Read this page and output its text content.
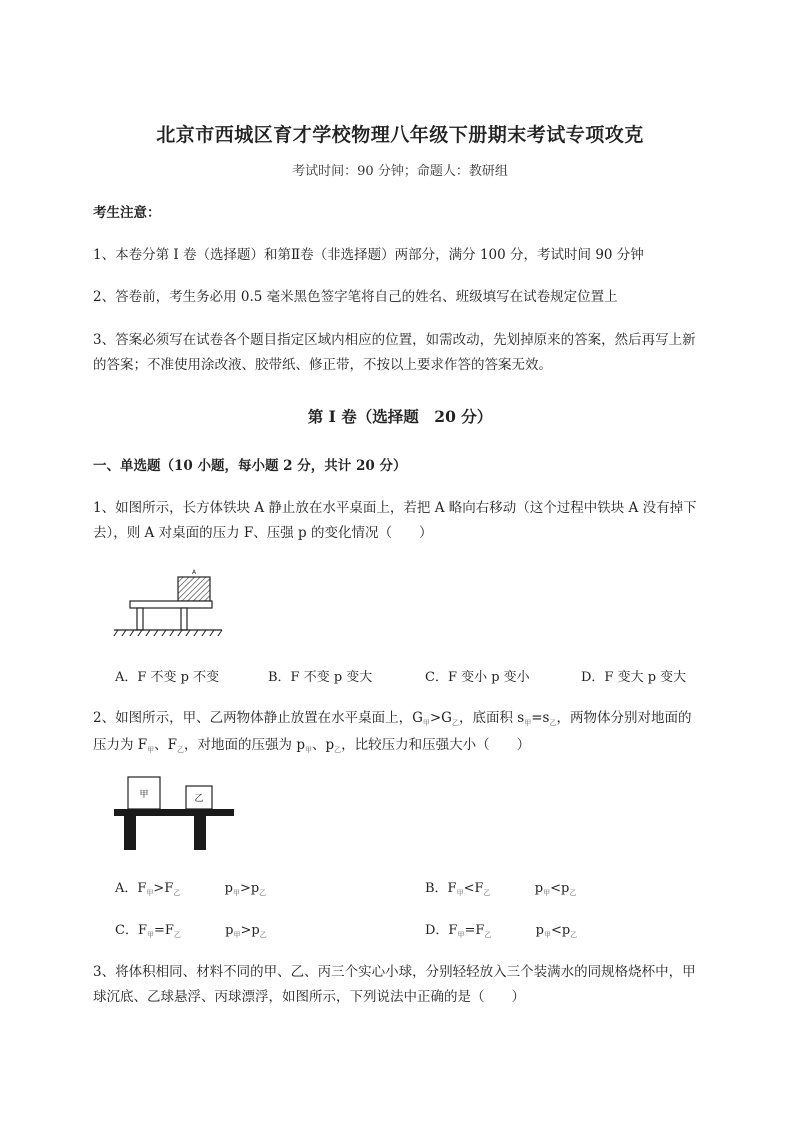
北京市西城区育才学校物理八年级下册期末考试专项攻克
考试时间：90 分钟；命题人：教研组
考生注意：
1、本卷分第 I 卷（选择题）和第Ⅱ卷（非选择题）两部分，满分 100 分，考试时间 90 分钟
2、答卷前，考生务必用 0.5 毫米黑色签字笔将自己的姓名、班级填写在试卷规定位置上
3、答案必须写在试卷各个题目指定区域内相应的位置，如需改动，先划掉原来的答案，然后再写上新
的答案；不准使用涂改液、胶带纸、修正带，不按以上要求作答的答案无效。
第 I 卷（选择题　20 分）
一、单选题（10 小题，每小题 2 分，共计 20 分）
1、如图所示，长方体铁块 A 静止放在水平桌面上，若把 A 略向右移动（这个过程中铁块 A 没有掉下
去），则 A 对桌面的压力 F、压强 p 的变化情况（　　）
A
A．F 不变 p 不变	B．F 不变 p 变大	C．F 变小 p 变小	D．F 变大 p 变大
2、如图所示，甲、乙两物体静止放置在水平桌面上，$G_甲>G_乙$，底面积 $s_甲=s_乙$，两物体分别对地面的
压力为 $F_甲$、$F_乙$，对地面的压强为 $p_甲$、$p_乙$，比较压力和压强大小（　　）
甲	乙
A．$F_甲>F_乙$	$p_甲>p_乙$	B．$F_甲<F_乙$	$p_甲<p_乙$
C．$F_甲=F_乙$	$p_甲>p_乙$	D．$F_甲=F_乙$	$p_甲<p_乙$
3、将体积相同、材料不同的甲、乙、丙三个实心小球，分别轻轻放入三个装满水的同规格烧杯中，甲
球沉底、乙球悬浮、丙球漂浮，如图所示，下列说法中正确的是（　　）
